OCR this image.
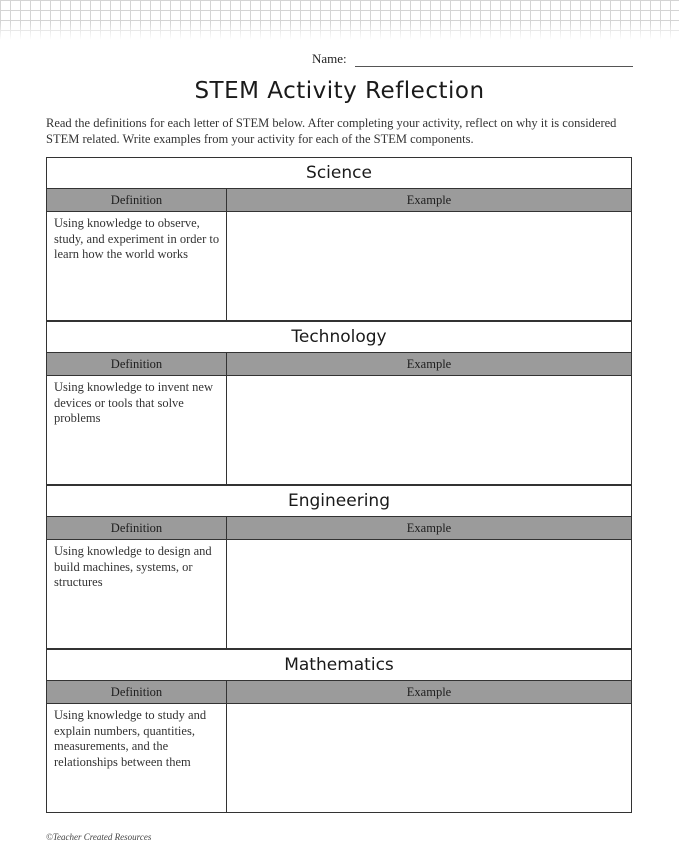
Name:
STEM Activity Reflection
Read the definitions for each letter of STEM below. After completing your activity, reflect on why it is considered STEM related. Write examples from your activity for each of the STEM components.
Science
Definition	Example
Using knowledge to observe, study, and experiment in order to learn how the world works
Technology
Definition	Example
Using knowledge to invent new devices or tools that solve problems
Engineering
Definition	Example
Using knowledge to design and build machines, systems, or structures
Mathematics
Definition	Example
Using knowledge to study and explain numbers, quantities, measurements, and the relationships between them
©Teacher Created Resources
